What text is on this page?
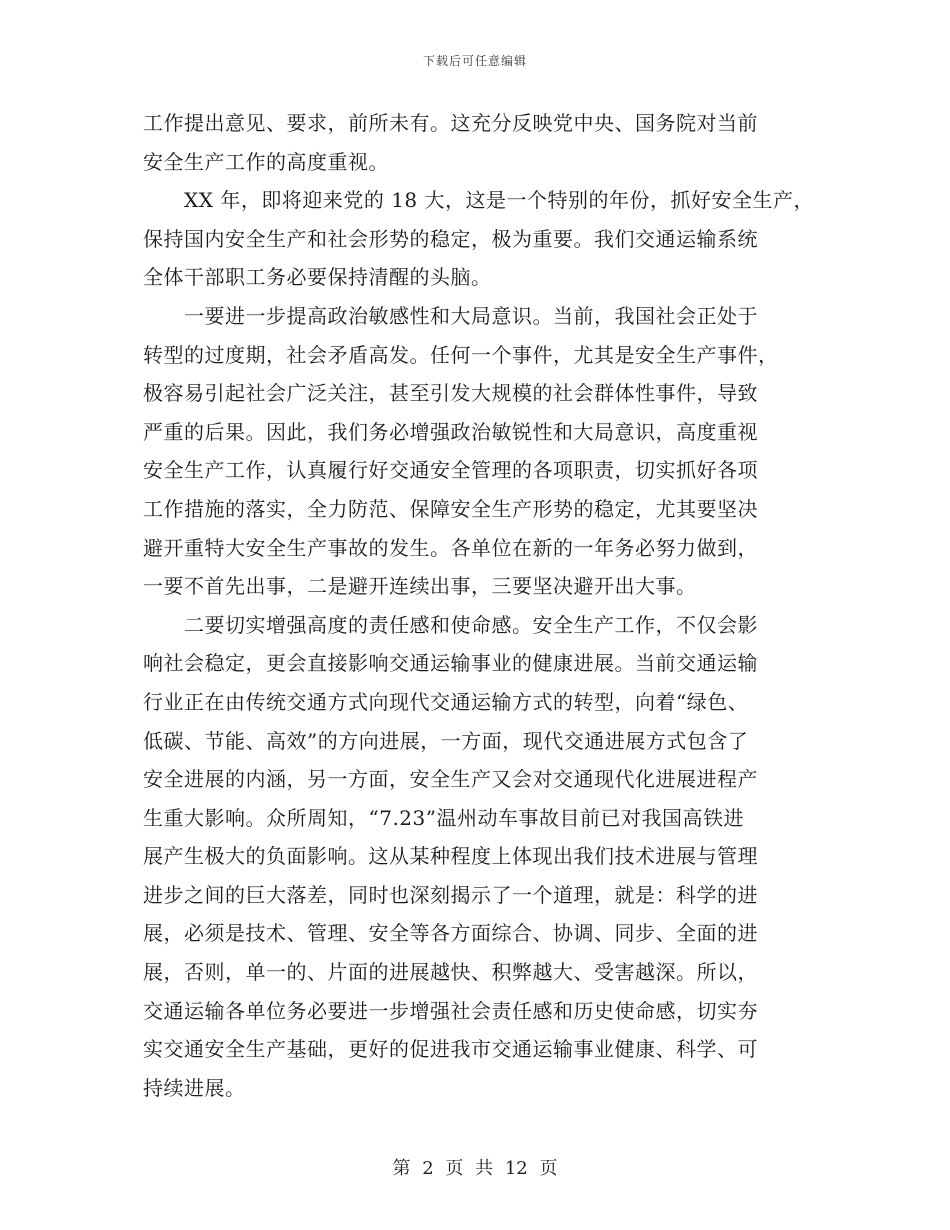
下载后可任意编辑
工作提出意见、要求，前所未有。这充分反映党中央、国务院对当前
安全生产工作的高度重视。
　　XX 年，即将迎来党的 18 大，这是一个特别的年份，抓好安全生产，
保持国内安全生产和社会形势的稳定，极为重要。我们交通运输系统
全体干部职工务必要保持清醒的头脑。
　　一要进一步提高政治敏感性和大局意识。当前，我国社会正处于
转型的过度期，社会矛盾高发。任何一个事件，尤其是安全生产事件，
极容易引起社会广泛关注，甚至引发大规模的社会群体性事件，导致
严重的后果。因此，我们务必增强政治敏锐性和大局意识，高度重视
安全生产工作，认真履行好交通安全管理的各项职责，切实抓好各项
工作措施的落实，全力防范、保障安全生产形势的稳定，尤其要坚决
避开重特大安全生产事故的发生。各单位在新的一年务必努力做到，
一要不首先出事，二是避开连续出事，三要坚决避开出大事。
　　二要切实增强高度的责任感和使命感。安全生产工作，不仅会影
响社会稳定，更会直接影响交通运输事业的健康进展。当前交通运输
行业正在由传统交通方式向现代交通运输方式的转型，向着“绿色、
低碳、节能、高效”的方向进展，一方面，现代交通进展方式包含了
安全进展的内涵，另一方面，安全生产又会对交通现代化进展进程产
生重大影响。众所周知，“7.23”温州动车事故目前已对我国高铁进
展产生极大的负面影响。这从某种程度上体现出我们技术进展与管理
进步之间的巨大落差，同时也深刻揭示了一个道理，就是：科学的进
展，必须是技术、管理、安全等各方面综合、协调、同步、全面的进
展，否则，单一的、片面的进展越快、积弊越大、受害越深。所以，
交通运输各单位务必要进一步增强社会责任感和历史使命感，切实夯
实交通安全生产基础，更好的促进我市交通运输事业健康、科学、可
持续进展。
第 2 页 共 12 页
